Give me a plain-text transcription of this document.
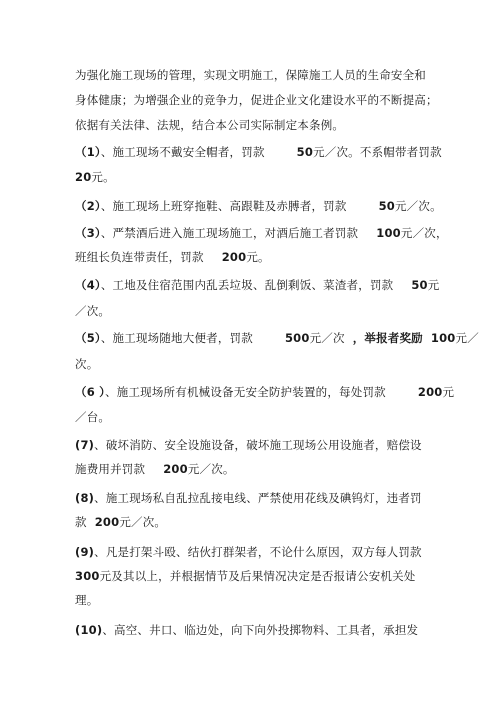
为强化施工现场的管理，实现文明施工，保障施工人员的生命安全和
身体健康；为增强企业的竞争力，促进企业文化建设水平的不断提高；
依据有关法律、法规，结合本公司实际制定本条例。
（1）、施工现场不戴安全帽者，罚款	50元／次。不系帽带者罚款
20元。
（2）、施工现场上班穿拖鞋、高跟鞋及赤膊者，罚款	50元／次。
（3）、严禁酒后进入施工现场施工，对酒后施工者罚款 100元／次，
班组长负连带责任，罚款 200元。
（4）、工地及住宿范围内乱丢垃圾、乱倒剩饭、菜渣者，罚款 50元
／次。
（5）、施工现场随地大便者，罚款	500元／次 ，举报者奖励 100元／
次。
（6 ）、施工现场所有机械设备无安全防护装置的，每处罚款	200元
／台。
(7)、破坏消防、安全设施设备，破坏施工现场公用设施者，赔偿设
施费用并罚款 200元／次。
(8)、施工现场私自乱拉乱接电线、严禁使用花线及碘钨灯，违者罚
款 200元／次。
(9)、凡是打架斗殴、结伙打群架者，不论什么原因，双方每人罚款
300元及其以上，并根据情节及后果情况决定是否报请公安机关处
理。
(10)、高空、井口、临边处，向下向外投掷物料、工具者，承担发
